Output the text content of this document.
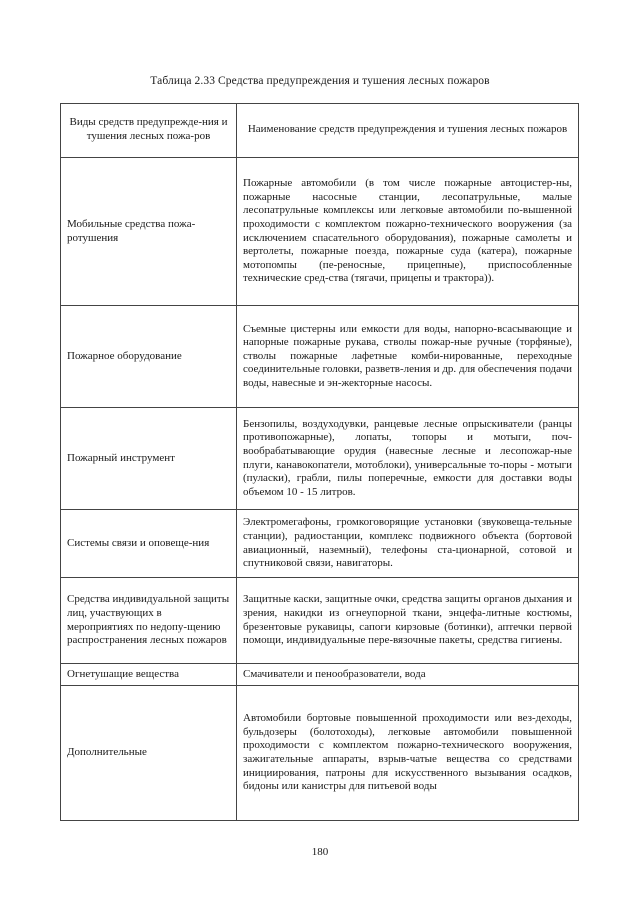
Таблица 2.33 Средства предупреждения и тушения лесных пожаров
Виды средств предупрежде-ния и тушения лесных пожа-ров	Наименование средств предупреждения и тушения лесных пожаров
Мобильные средства пожа-ротушения	Пожарные автомобили (в том числе пожарные автоцистер-ны, пожарные насосные станции, лесопатрульные, малые лесопатрульные комплексы или легковые автомобили по-вышенной проходимости с комплектом пожарно-технического вооружения (за исключением спасательного оборудования), пожарные самолеты и вертолеты, пожарные поезда, пожарные суда (катера), пожарные мотопомпы (пе-реносные, прицепные), приспособленные технические сред-ства (тягачи, прицепы и трактора)).
Пожарное оборудование	Съемные цистерны или емкости для воды, напорно-всасывающие и напорные пожарные рукава, стволы пожар-ные ручные (торфяные), стволы пожарные лафетные комби-нированные, переходные соединительные головки, разветв-ления и др. для обеспечения подачи воды, навесные и эн-жекторные насосы.
Пожарный инструмент	Бензопилы, воздуходувки, ранцевые лесные опрыскиватели (ранцы противопожарные), лопаты, топоры и мотыги, поч-вообрабатывающие орудия (навесные лесные и лесопожар-ные плуги, канавокопатели, мотоблоки), универсальные то-поры - мотыги (пуласки), грабли, пилы поперечные, емкости для доставки воды объемом 10 - 15 литров.
Системы связи и оповеще-ния	Электромегафоны, громкоговорящие установки (звуковеща-тельные станции), радиостанции, комплекс подвижного объекта (бортовой авиационный, наземный), телефоны ста-ционарной, сотовой и спутниковой связи, навигаторы.
Средства индивидуальной защиты лиц, участвующих в мероприятиях по недопу-щению распространения лесных пожаров	Защитные каски, защитные очки, средства защиты органов дыхания и зрения, накидки из огнеупорной ткани, энцефа-литные костюмы, брезентовые рукавицы, сапоги кирзовые (ботинки), аптечки первой помощи, индивидуальные пере-вязочные пакеты, средства гигиены.
Огнетушащие вещества	Смачиватели и пенообразователи, вода
Дополнительные	Автомобили бортовые повышенной проходимости или вез-деходы, бульдозеры (болотоходы), легковые автомобили повышенной проходимости с комплектом пожарно-технического вооружения, зажигательные аппараты, взрыв-чатые вещества со средствами инициирования, патроны для искусственного вызывания осадков, бидоны или канистры для питьевой воды
180
